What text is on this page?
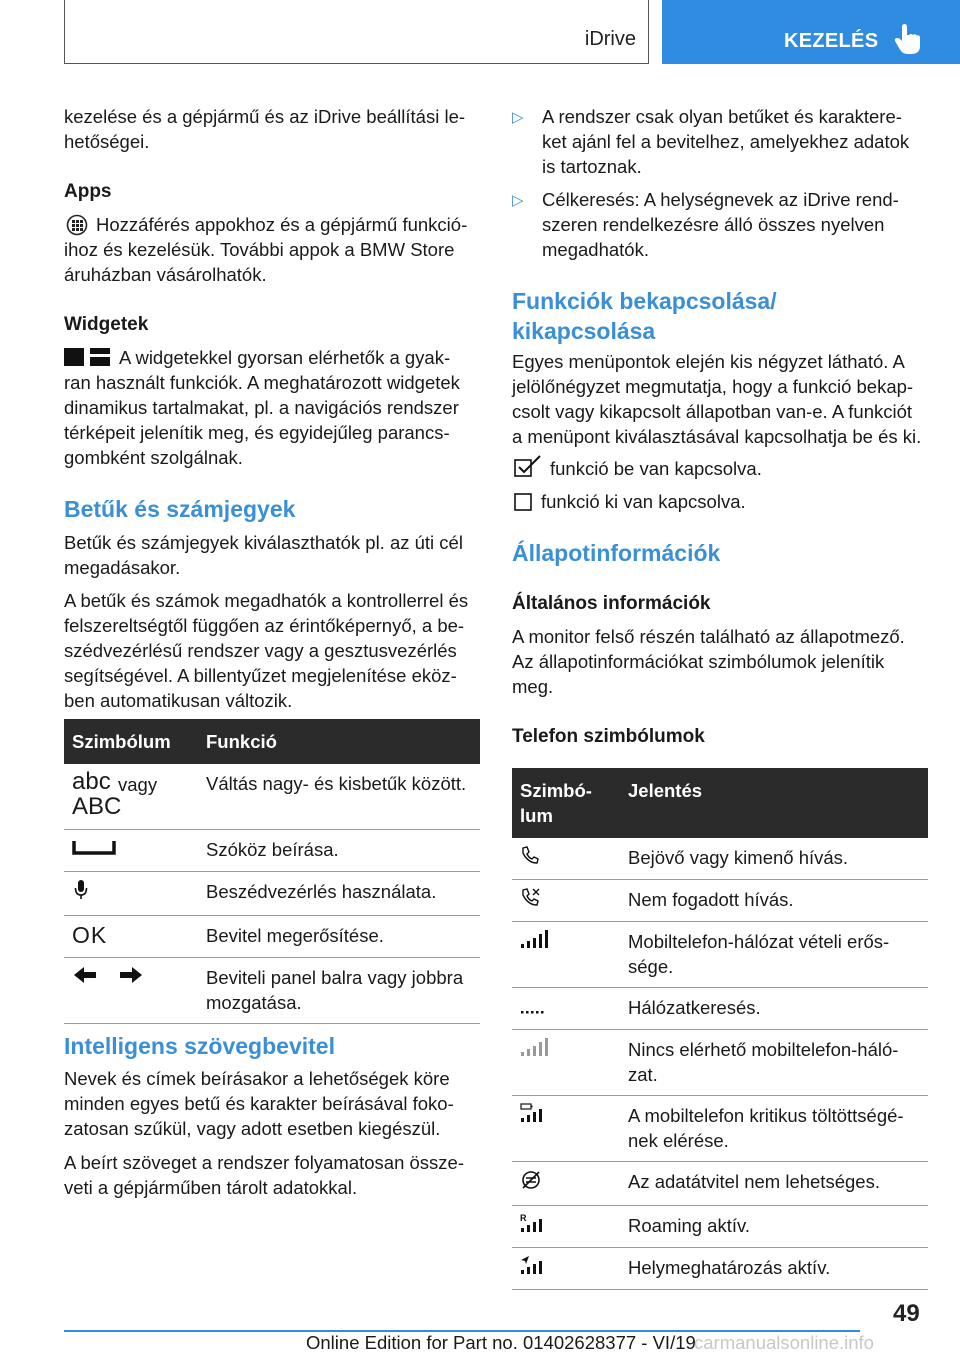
iDrive	KEZELÉS
kezelése és a gépjármű és az iDrive beállítási le-
hetőségei.
Apps
Hozzáférés appokhoz és a gépjármű funkció-
ihoz és kezelésük. További appok a BMW Store
áruházban vásárolhatók.
Widgetek
A widgetekkel gyorsan elérhetők a gyak-
ran használt funkciók. A meghatározott widgetek
dinamikus tartalmakat, pl. a navigációs rendszer
térképeit jelenítik meg, és egyidejűleg parancs-
gombként szolgálnak.
Betűk és számjegyek
Betűk és számjegyek kiválaszthatók pl. az úti cél
megadásakor.
A betűk és számok megadhatók a kontrollerrel és
felszereltségtől függően az érintőképernyő, a be-
szédvezérlésű rendszer vagy a gesztusvezérlés
segítségével. A billentyűzet megjelenítése eköz-
ben automatikusan változik.
Szimbólum	Funkció

abc vagy
ABC	Váltás nagy- és kisbetűk között.
	Szóköz beírása.
	Beszédvezérlés használata.
OK	Bevitel megerősítése.

Beviteli panel balra vagy jobbra
mozgatása.
Intelligens szövegbevitel
Nevek és címek beírásakor a lehetőségek köre
minden egyes betű és karakter beírásával foko-
zatosan szűkül, vagy adott esetben kiegészül.
A beírt szöveget a rendszer folyamatosan össze-
veti a gépjárműben tárolt adatokkal.
▷ A rendszer csak olyan betűket és karaktere-
ket ajánl fel a bevitelhez, amelyekhez adatok
is tartoznak.
▷ Célkeresés: A helységnevek az iDrive rend-
szeren rendelkezésre álló összes nyelven
megadhatók.
Funkciók bekapcsolása/
kikapcsolása
Egyes menüpontok elején kis négyzet látható. A
jelölőnégyzet megmutatja, hogy a funkció bekap-
csolt vagy kikapcsolt állapotban van-e. A funkciót
a menüpont kiválasztásával kapcsolhatja be és ki.
funkció be van kapcsolva.
funkció ki van kapcsolva.
Állapotinformációk
Általános információk
A monitor felső részén található az állapotmező.
Az állapotinformációkat szimbólumok jelenítik
meg.
Telefon szimbólumok
Szimbó-
lum	Jelentés
	Bejövő vagy kimenő hívás.
	Nem fogadott hívás.

Mobiltelefon-hálózat vételi erős-
sége.

	Hálózatkeresés.

Nincs elérhető mobiltelefon-háló-
zat.

A mobiltelefon kritikus töltöttségé-
nek elérése.

	Az adatátvitel nem lehetséges.

R	Roaming aktív.
	Helymeghatározás aktív.
49
Online Edition for Part no. 01402628377 - VI/19
carmanualsonline.info
